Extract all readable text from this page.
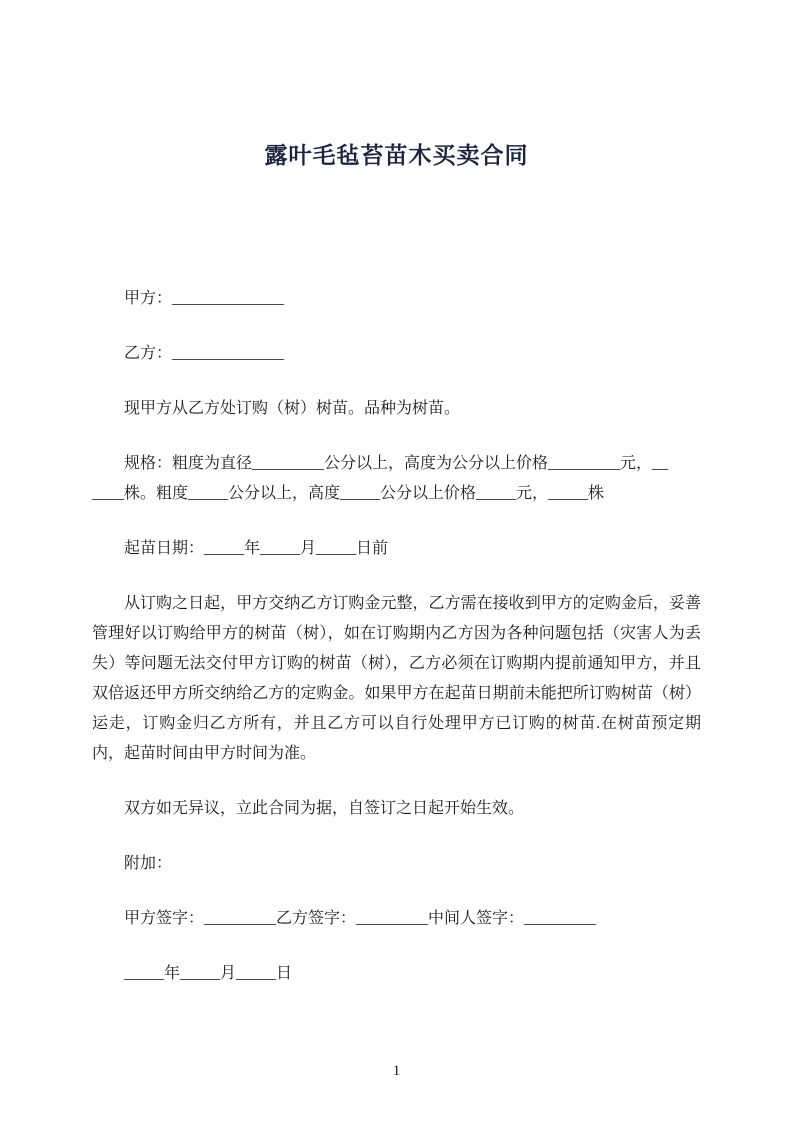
露叶毛毡苔苗木买卖合同

甲方：______________

乙方：______________

现甲方从乙方处订购（树）树苗。品种为树苗。

规格：粗度为直径_________公分以上，高度为公分以上价格_________元，__
____株。粗度_____公分以上，高度_____公分以上价格_____元，_____株

起苗日期：_____年_____月_____日前

从订购之日起，甲方交纳乙方订购金元整，乙方需在接收到甲方的定购金后，妥善管理好以订购给甲方的树苗（树），如在订购期内乙方因为各种问题包括（灾害人为丢失）等问题无法交付甲方订购的树苗（树），乙方必须在订购期内提前通知甲方，并且双倍返还甲方所交纳给乙方的定购金。如果甲方在起苗日期前未能把所订购树苗（树）运走，订购金归乙方所有，并且乙方可以自行处理甲方已订购的树苗.在树苗预定期内，起苗时间由甲方时间为准。

双方如无异议，立此合同为据，自签订之日起开始生效。

附加：

甲方签字：_________乙方签字：_________中间人签字：_________

_____年_____月_____日

1
